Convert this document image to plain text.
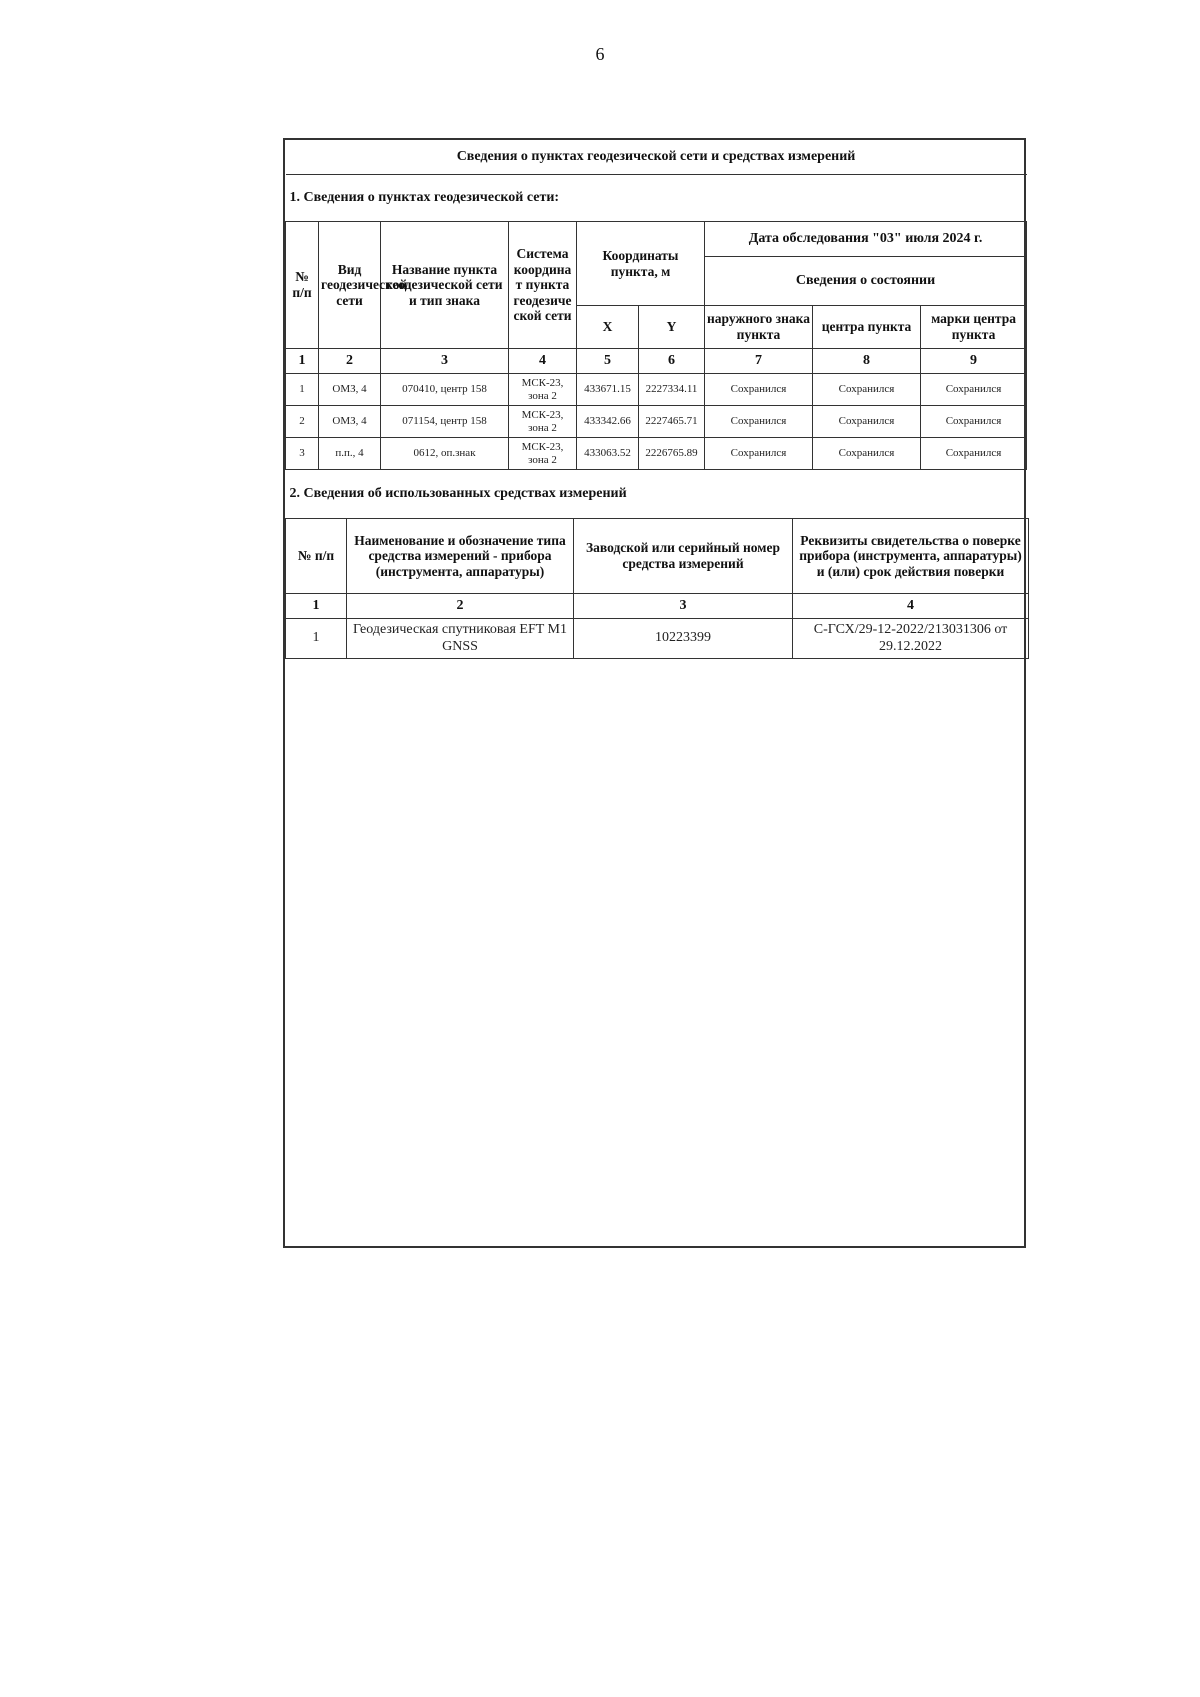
6
Сведения о пунктах геодезической сети и средствах измерений								
1. Сведения о пунктах геодезической сети:								
№ п/п	Вид геодезической сети	Название пункта геодезической сети и тип знака	Система координат пункта геодезической сети	Координаты пункта, м		Дата обследования "03" июля 2024 г.		
						Сведения о состоянии		
				X	Y	наружного знака пункта	центра пункта	марки центра пункта
1	2	3	4	5	6	7	8	9
1	ОМЗ, 4	070410, центр 158	МСК-23, зона 2	433671.15	2227334.11	Сохранился	Сохранился	Сохранился
2	ОМЗ, 4	071154, центр 158	МСК-23, зона 2	433342.66	2227465.71	Сохранился	Сохранился	Сохранился
3	п.п., 4	0612, оп.знак	МСК-23, зона 2	433063.52	2226765.89	Сохранился	Сохранился	Сохранился
2. Сведения об использованных средствах измерений			
№ п/п	Наименование и обозначение типа средства измерений - прибора (инструмента, аппаратуры)	Заводской или серийный номер средства измерений	Реквизиты свидетельства о поверке прибора (инструмента, аппаратуры) и (или) срок действия поверки
1	2	3	4
1	Геодезическая спутниковая EFT M1 GNSS	10223399	С-ГСХ/29-12-2022/213031306 от 29.12.2022
